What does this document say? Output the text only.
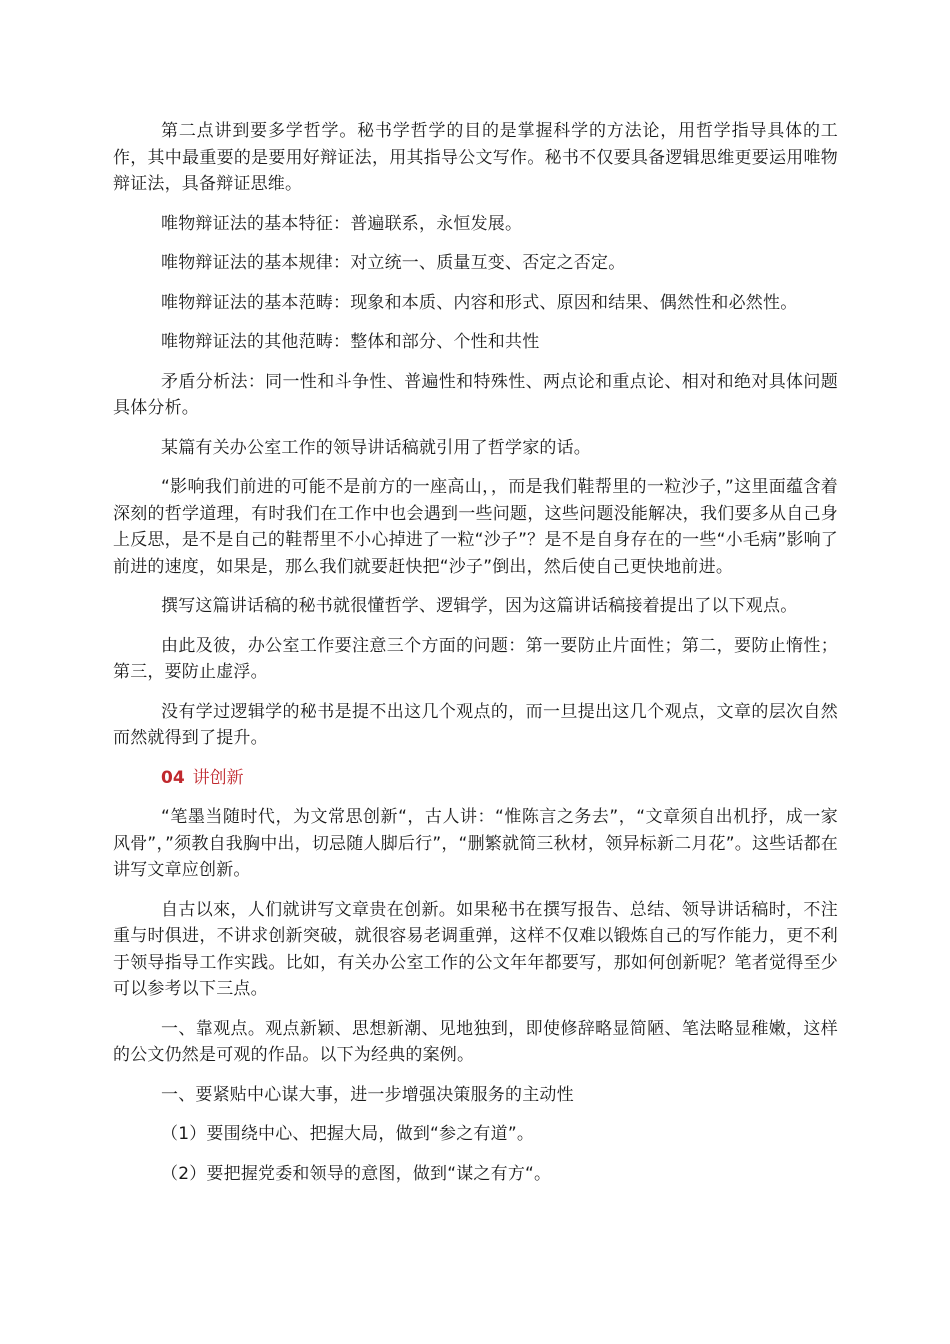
第二点讲到要多学哲学。秘书学哲学的目的是掌握科学的方法论，用哲学指导具体的工作，其中最重要的是要用好辩证法，用其指导公文写作。秘书不仅要具备逻辑思维更要运用唯物辩证法，具备辩证思维。

唯物辩证法的基本特征：普遍联系，永恒发展。

唯物辩证法的基本规律：对立统一、质量互变、否定之否定。

唯物辩证法的基本范畴：现象和本质、内容和形式、原因和结果、偶然性和必然性。

唯物辩证法的其他范畴：整体和部分、个性和共性

矛盾分析法：同一性和斗争性、普遍性和特殊性、两点论和重点论、相对和绝对具体问题具体分析。

某篇有关办公室工作的领导讲话稿就引用了哲学家的话。

“影响我们前进的可能不是前方的一座高山，，而是我们鞋帮里的一粒沙子，”这里面蕴含着深刻的哲学道理，有时我们在工作中也会遇到一些问题，这些问题没能解决，我们要多从自己身上反思，是不是自己的鞋帮里不小心掉进了一粒“沙子”？是不是自身存在的一些“小毛病”影响了前进的速度，如果是，那么我们就要赶快把“沙子”倒出，然后使自己更快地前进。

撰写这篇讲话稿的秘书就很懂哲学、逻辑学，因为这篇讲话稿接着提出了以下观点。

由此及彼，办公室工作要注意三个方面的问题：第一要防止片面性；第二，要防止惰性；第三，要防止虚浮。

没有学过逻辑学的秘书是提不出这几个观点的，而一旦提出这几个观点，文章的层次自然而然就得到了提升。

04 讲创新

“笔墨当随时代，为文常思创新“，古人讲：“惟陈言之务去”，“文章须自出机抒，成一家风骨”，”须教自我胸中出，切忌随人脚后行”，“删繁就简三秋材，领异标新二月花”。这些话都在讲写文章应创新。

自古以來，人们就讲写文章贵在创新。如果秘书在撰写报告、总结、领导讲话稿时，不注重与时俱进，不讲求创新突破，就很容易老调重弹，这样不仅难以锻炼自己的写作能力，更不利于领导指导工作实践。比如，有关办公室工作的公文年年都要写，那如何创新呢？笔者觉得至少可以参考以下三点。

一、靠观点。观点新颖、思想新潮、见地独到，即使修辞略显简陋、笔法略显稚嫩，这样的公文仍然是可观的作品。以下为经典的案例。

一、要紧贴中心谋大事，进一步增强决策服务的主动性

（1）要围绕中心、把握大局，做到“参之有道”。

（2）要把握党委和领导的意图，做到“谋之有方“。
